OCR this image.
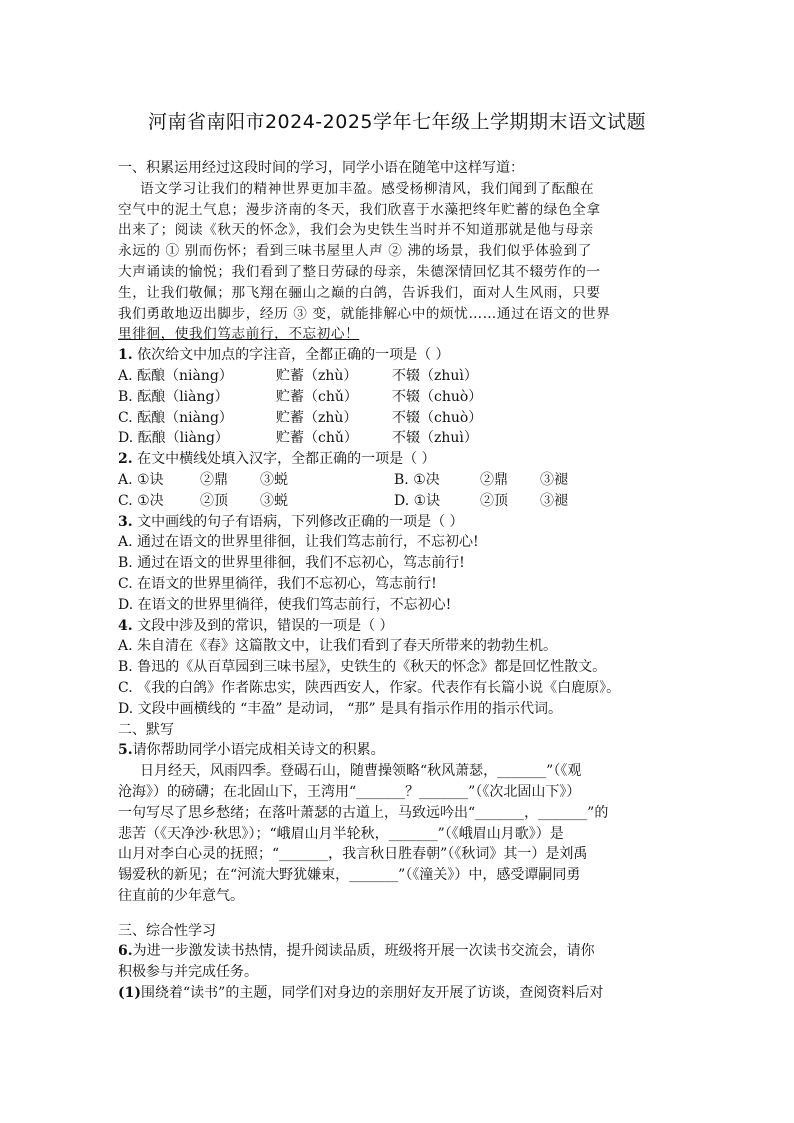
河南省南阳市2024-2025学年七年级上学期期末语文试题
一、积累运用经过这段时间的学习，同学小语在随笔中这样写道：
语文学习让我们的精神世界更加丰盈。感受杨柳清风，我们闻到了酝酿在
空气中的泥土气息；漫步济南的冬天，我们欣喜于水藻把终年贮蓄的绿色全拿
出来了；阅读《秋天的怀念》，我们会为史铁生当时并不知道那就是他与母亲
永远的 ① 别而伤怀；看到三味书屋里人声 ② 沸的场景，我们似乎体验到了
大声诵读的愉悦；我们看到了整日劳碌的母亲，朱德深情回忆其不辍劳作的一
生，让我们敬佩；那飞翔在骊山之巅的白鸽，告诉我们，面对人生风雨，只要
我们勇敢地迈出脚步，经历 ③ 变，就能排解心中的烦忧……通过在语文的世界
里徘徊，使我们笃志前行，不忘初心！
1. 依次给文中加点的字注音，全都正确的一项是（ ）
A. 酝酿（niàng）	贮蓄（zhù） 不辍（zhuì）
B. 酝酿（liàng）	贮蓄（chǔ） 不辍（chuò）
C. 酝酿（niàng）	贮蓄（zhù） 不辍（chuò）
D. 酝酿（liàng）	贮蓄（chǔ） 不辍（zhuì）
2. 在文中横线处填入汉字，全都正确的一项是（ ）
A. ①诀	②鼎 ③蜕	B. ①决	②鼎 ③褪
C. ①决	②顶 ③蜕	D. ①诀	②顶 ③褪
3. 文中画线的句子有语病，下列修改正确的一项是（ ）
A. 通过在语文的世界里徘徊，让我们笃志前行，不忘初心!
B. 通过在语文的世界里徘徊，我们不忘初心，笃志前行!
C. 在语文的世界里徜徉，我们不忘初心，笃志前行!
D. 在语文的世界里徜徉，使我们笃志前行，不忘初心!
4. 文段中涉及到的常识，错误的一项是（ ）
A. 朱自清在《春》这篇散文中，让我们看到了春天所带来的勃勃生机。
B. 鲁迅的《从百草园到三味书屋》，史铁生的《秋天的怀念》都是回忆性散文。
C. 《我的白鸽》作者陈忠实，陕西西安人，作家。代表作有长篇小说《白鹿原》。
D. 文段中画横线的 “丰盈” 是动词， “那” 是具有指示作用的指示代词。
二、默写
5.请你帮助同学小语完成相关诗文的积累。
日月经天，风雨四季。登碣石山，随曹操领略“秋风萧瑟，_______”（《观
沧海》）的磅礴；在北固山下，王湾用“_______？_______”（《次北固山下》）
一句写尽了思乡愁绪；在落叶萧瑟的古道上，马致远吟出“_______，_______”的
悲苦（《天净沙·秋思》）；“峨眉山月半轮秋，_______”（《峨眉山月歌》）是
山月对李白心灵的抚照；“_______，我言秋日胜春朝”（《秋词》其一）是刘禹
锡爱秋的新见；在“河流大野犹嫌束，_______”（《潼关》）中，感受谭嗣同勇
往直前的少年意气。
三、综合性学习
6.为进一步激发读书热情，提升阅读品质，班级将开展一次读书交流会，请你
积极参与并完成任务。
(1)围绕着“读书”的主题，同学们对身边的亲朋好友开展了访谈，查阅资料后对
